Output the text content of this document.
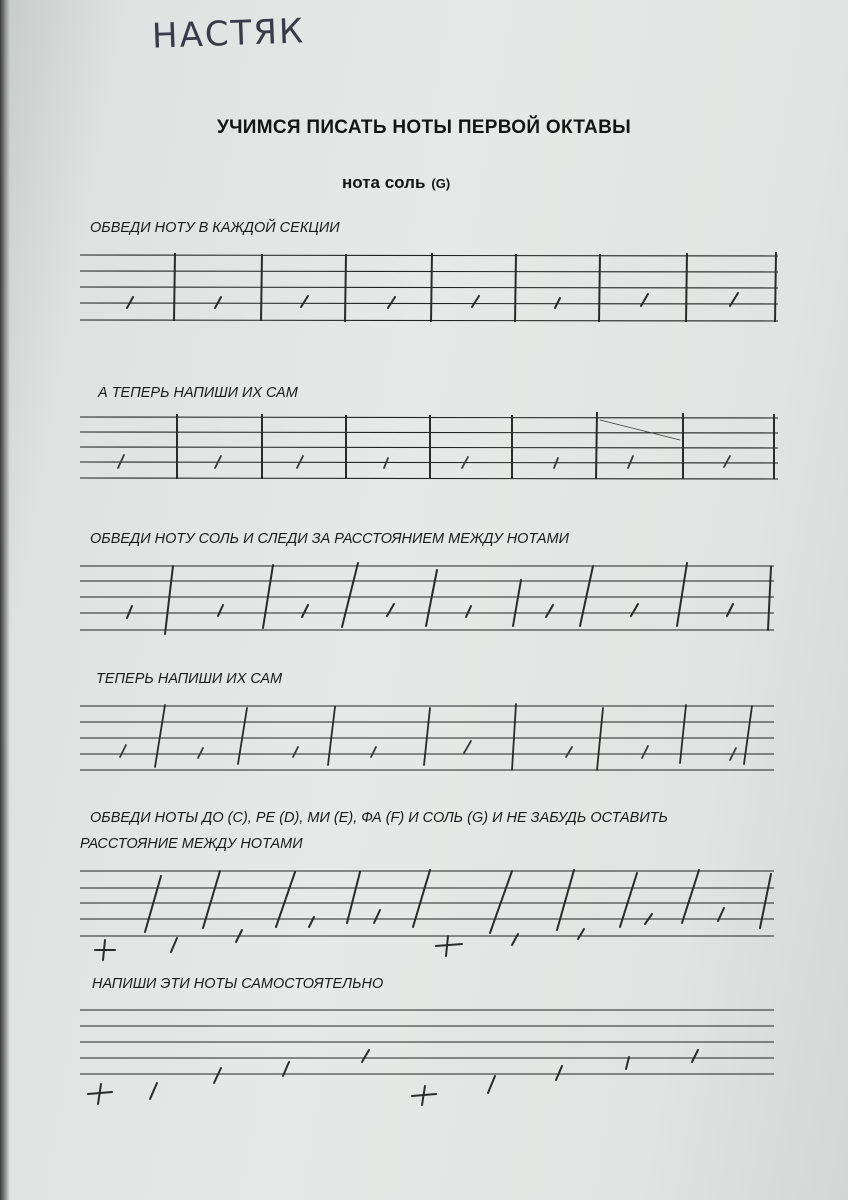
НАСТЯК
УЧИМСЯ ПИСАТЬ НОТЫ ПЕРВОЙ ОКТАВЫ
нота соль (G)
ОБВЕДИ НОТУ В КАЖДОЙ СЕКЦИИ
А ТЕПЕРЬ НАПИШИ ИХ САМ
ОБВЕДИ НОТУ СОЛЬ И СЛЕДИ ЗА РАССТОЯНИЕМ МЕЖДУ НОТАМИ
ТЕПЕРЬ НАПИШИ ИХ САМ
ОБВЕДИ НОТЫ ДО (C), РЕ (D), МИ (E), ФА (F) И СОЛЬ (G) И НЕ ЗАБУДЬ ОСТАВИТЬ
РАССТОЯНИЕ МЕЖДУ НОТАМИ
НАПИШИ ЭТИ НОТЫ САМОСТОЯТЕЛЬНО
